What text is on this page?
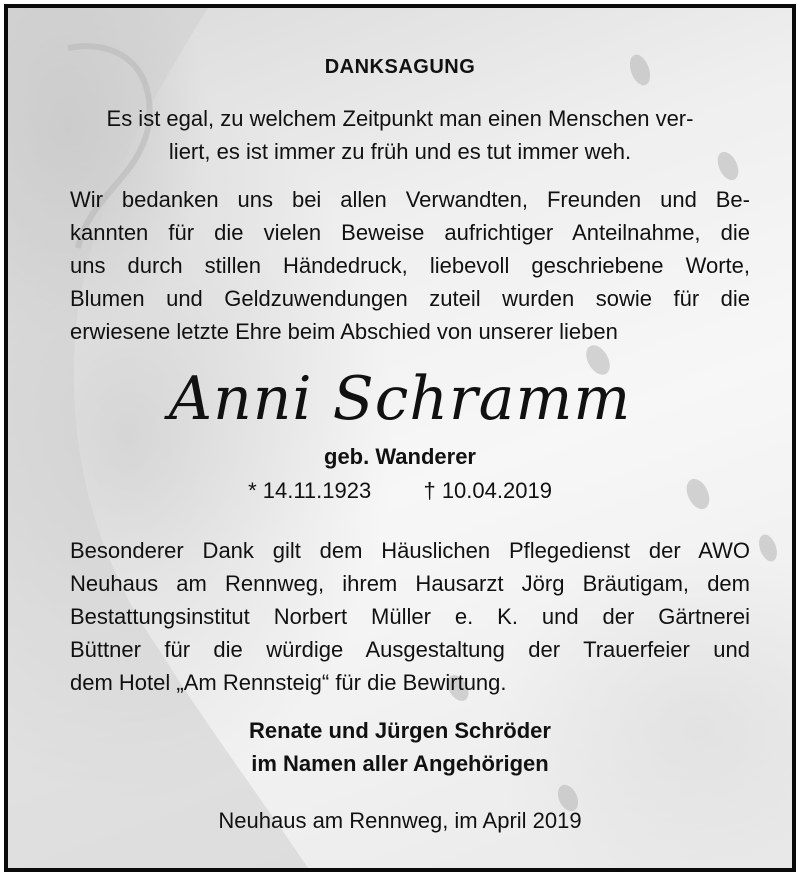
DANKSAGUNG
Es ist egal, zu welchem Zeitpunkt man einen Menschen ver-
liert, es ist immer zu früh und es tut immer weh.
Wir bedanken uns bei allen Verwandten, Freunden und Be-
kannten für die vielen Beweise aufrichtiger Anteilnahme, die
uns durch stillen Händedruck, liebevoll geschriebene Worte,
Blumen und Geldzuwendungen zuteil wurden sowie für die
erwiesene letzte Ehre beim Abschied von unserer lieben
Anni Schramm
geb. Wanderer
* 14.11.1923 † 10.04.2019
Besonderer Dank gilt dem Häuslichen Pflegedienst der AWO
Neuhaus am Rennweg, ihrem Hausarzt Jörg Bräutigam, dem
Bestattungsinstitut Norbert Müller e. K. und der Gärtnerei
Büttner für die würdige Ausgestaltung der Trauerfeier und
dem Hotel „Am Rennsteig“ für die Bewirtung.
Renate und Jürgen Schröder
im Namen aller Angehörigen
Neuhaus am Rennweg, im April 2019
